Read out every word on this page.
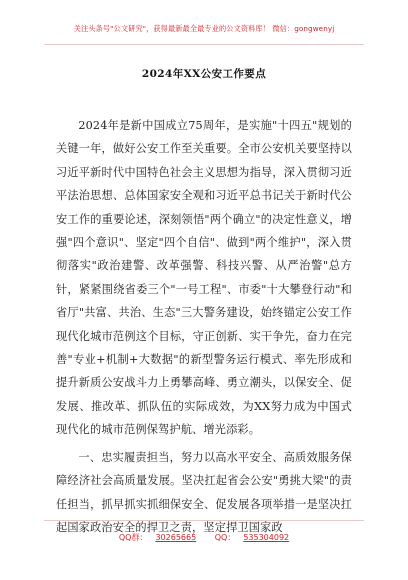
关注头条号"公文研究"，获得最新最全最专业的公文资料库！ 微信：gongwenyj
2024年XX公安工作要点

2024年是新中国成立75周年，是实施"十四五"规划的关键一年，做好公安工作至关重要。全市公安机关要坚持以习近平新时代中国特色社会主义思想为指导，深入贯彻习近平法治思想、总体国家安全观和习近平总书记关于新时代公安工作的重要论述，深刻领悟"两个确立"的决定性意义，增强"四个意识"、坚定"四个自信"、做到"两个维护"，深入贯彻落实"政治建警、改革强警、科技兴警、从严治警"总方针，紧紧围绕省委三个"一号工程"、市委"十大攀登行动"和省厅"共富、共治、生态"三大警务建设，始终锚定公安工作现代化城市范例这个目标，守正创新、实干争先，奋力在完善"专业+机制+大数据"的新型警务运行模式、率先形成和提升新质公安战斗力上勇攀高峰、勇立潮头，以保安全、促发展、推改革、抓队伍的实际成效，为XX努力成为中国式现代化的城市范例保驾护航、增光添彩。

一、忠实履责担当，努力以高水平安全、高质效服务保障经济社会高质量发展。坚决扛起省会公安"勇挑大梁"的责任担当，抓早抓实抓细保安全、促发展各项举措一是坚决扛起国家政治安全的捍卫之责，坚定捍卫国家政

QQ群： 30265665 QQ： 535304092
